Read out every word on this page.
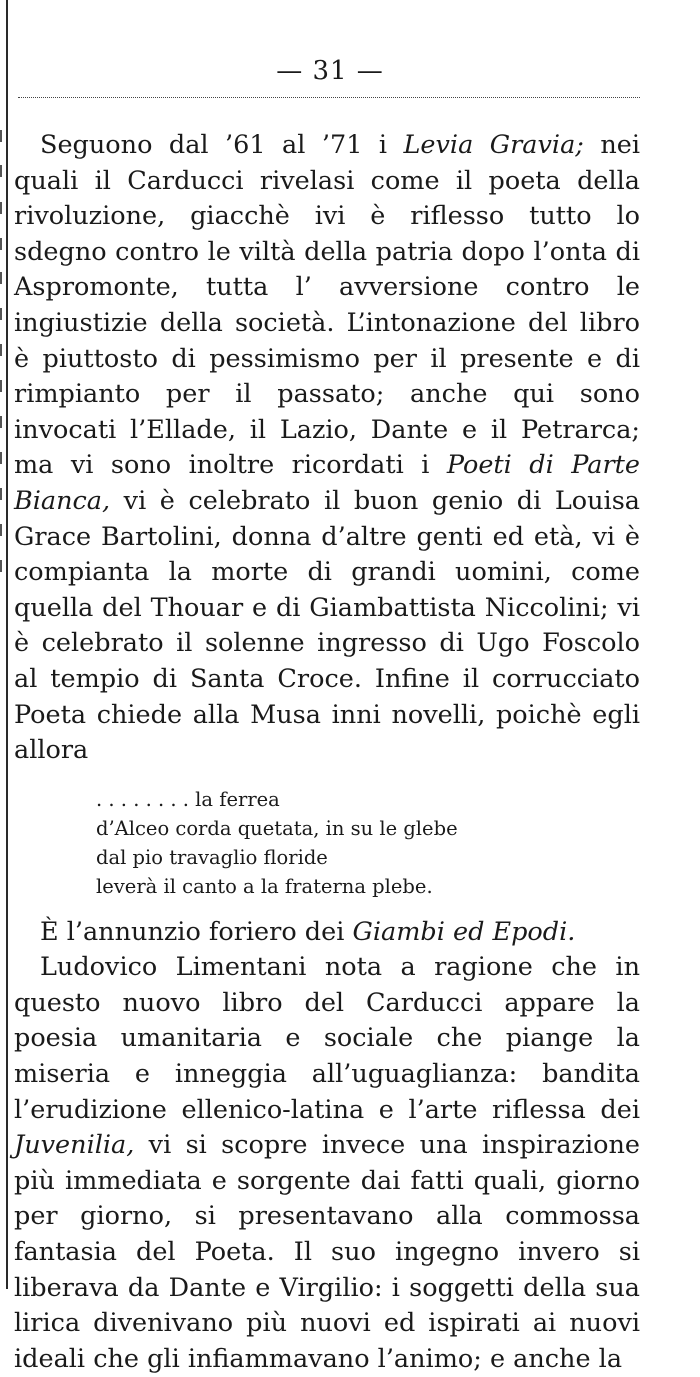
— 31 —

Seguono dal ’61 al ’71 i Levia Gravia; nei quali il Carducci rivelasi come il poeta della rivoluzione, giacchè ivi è riflesso tutto lo sdegno contro le viltà della patria dopo l’onta di Aspromonte, tutta l’ avversione contro le ingiustizie della società. L’intonazione del libro è piuttosto di pessimismo per il presente e di rimpianto per il passato; anche qui sono invocati l’Ellade, il Lazio, Dante e il Petrarca; ma vi sono inoltre ricordati i Poeti di Parte Bianca, vi è celebrato il buon genio di Louisa Grace Bartolini, donna d’altre genti ed età, vi è compianta la morte di grandi uomini, come quella del Thouar e di Giambattista Niccolini; vi è celebrato il solenne ingresso di Ugo Foscolo al tempio di Santa Croce. Infine il corrucciato Poeta chiede alla Musa inni novelli, poichè egli allora

. . . . . . . . la ferrea
d’Alceo corda quetata, in su le glebe
dal pio travaglio floride
leverà il canto a la fraterna plebe.

È l’annunzio foriero dei Giambi ed Epodi.

Ludovico Limentani nota a ragione che in questo nuovo libro del Carducci appare la poesia umanitaria e sociale che piange la miseria e inneggia all’uguaglianza: bandita l’erudizione ellenico-latina e l’arte riflessa dei Juvenilia, vi si scopre invece una inspirazione più immediata e sorgente dai fatti quali, giorno per giorno, si presentavano alla commossa fantasia del Poeta. Il suo ingegno invero si liberava da Dante e Virgilio: i soggetti della sua lirica divenivano più nuovi ed ispirati ai nuovi ideali che gli infiammavano l’animo; e anche la
